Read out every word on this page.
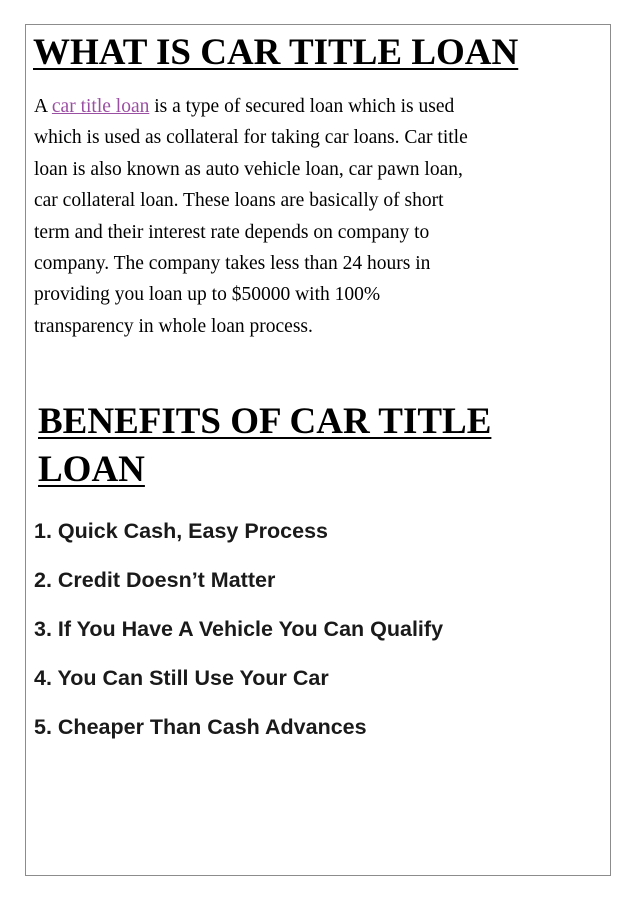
WHAT IS CAR TITLE LOAN

A car title loan is a type of secured loan which is used
which is used as collateral for taking car loans. Car title
loan is also known as auto vehicle loan, car pawn loan,
car collateral loan. These loans are basically of short
term and their interest rate depends on company to
company. The company takes less than 24 hours in
providing you loan up to $50000 with 100%
transparency in whole loan process.

BENEFITS OF CAR TITLE
LOAN
1. Quick Cash, Easy Process
2. Credit Doesn’t Matter
3. If You Have A Vehicle You Can Qualify
4. You Can Still Use Your Car
5. Cheaper Than Cash Advances
